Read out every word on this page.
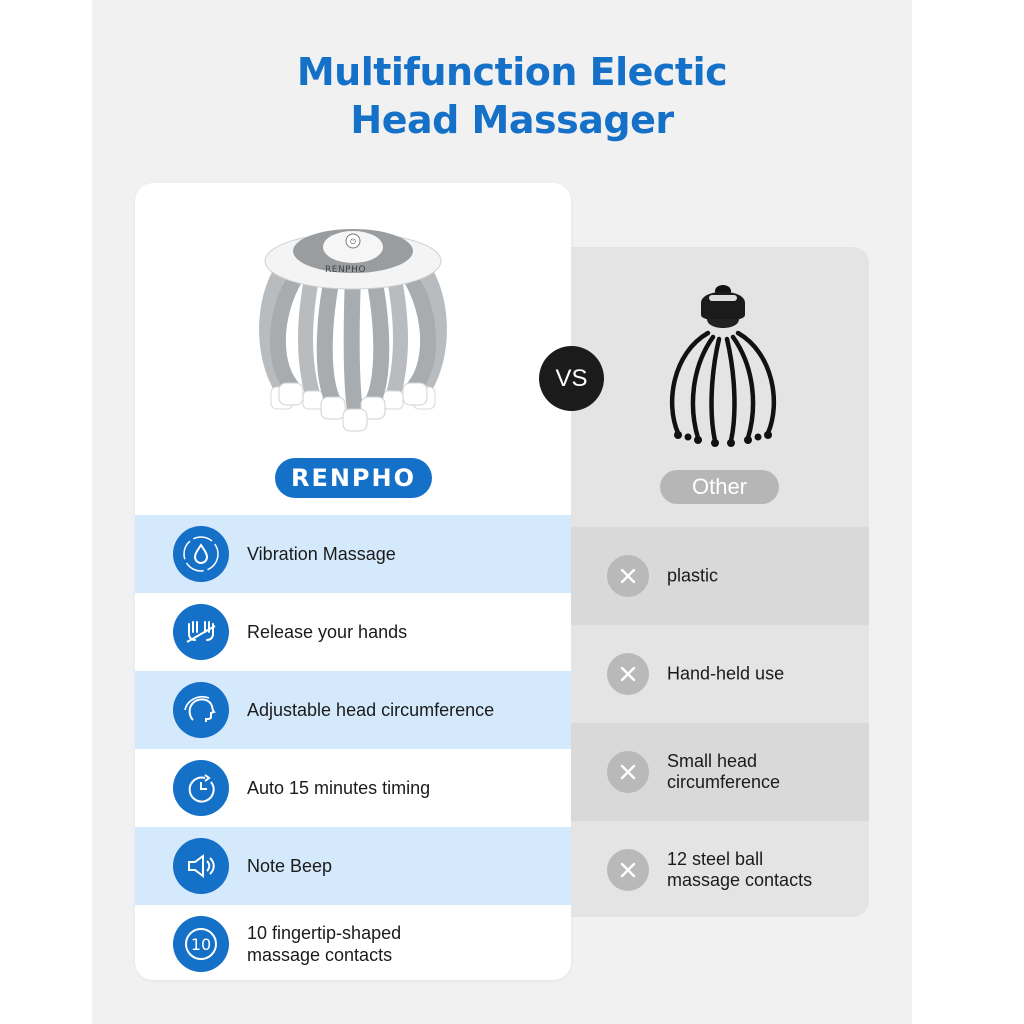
Multifunction Electic
Head Massager
⏻
RENPHO
RENPHO
Vibration Massage
Release your hands
Adjustable head circumference
Auto 15 minutes timing
Note Beep
10
10 fingertip-shaped
massage contacts
Other
plastic
Hand-held use
Small head
circumference
12 steel ball
massage contacts
VS
